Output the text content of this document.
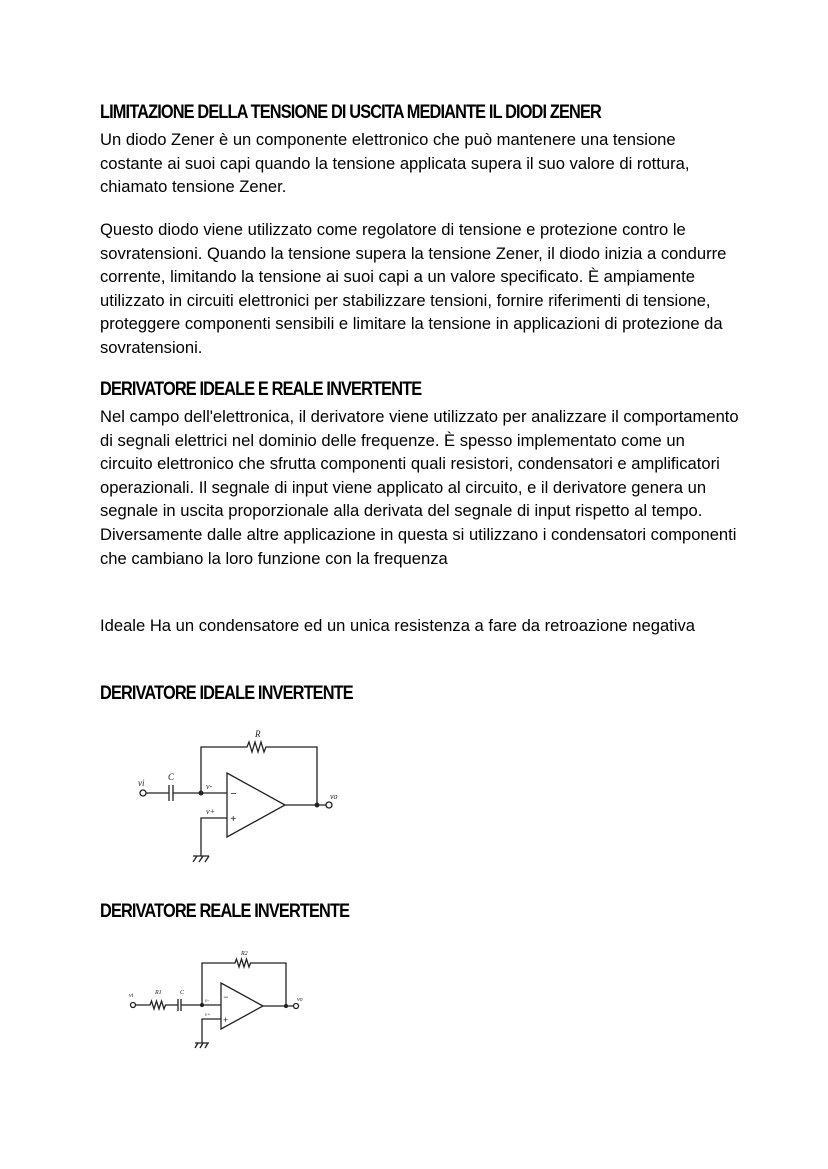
LIMITAZIONE DELLA TENSIONE DI USCITA MEDIANTE IL DIODI ZENER

Un diodo Zener è un componente elettronico che può mantenere una tensione costante ai suoi capi quando la tensione applicata supera il suo valore di rottura, chiamato tensione Zener.

Questo diodo viene utilizzato come regolatore di tensione e protezione contro le sovratensioni. Quando la tensione supera la tensione Zener, il diodo inizia a condurre corrente, limitando la tensione ai suoi capi a un valore specificato. È ampiamente utilizzato in circuiti elettronici per stabilizzare tensioni, fornire riferimenti di tensione, proteggere componenti sensibili e limitare la tensione in applicazioni di protezione da sovratensioni.

DERIVATORE IDEALE E REALE INVERTENTE

Nel campo dell'elettronica, il derivatore viene utilizzato per analizzare il comportamento di segnali elettrici nel dominio delle frequenze. È spesso implementato come un circuito elettronico che sfrutta componenti quali resistori, condensatori e amplificatori operazionali. Il segnale di input viene applicato al circuito, e il derivatore genera un segnale in uscita proporzionale alla derivata del segnale di input rispetto al tempo. Diversamente dalle altre applicazione in questa si utilizzano i condensatori componenti che cambiano la loro funzione con la frequenza

Ideale Ha un condensatore ed un unica resistenza a fare da retroazione negativa

DERIVATORE IDEALE INVERTENTE
vi
C
R
v-
v+
vo
−
+
vi	R1	C
R2
v-
v+
vo
−
+
DERIVATORE REALE INVERTENTE
